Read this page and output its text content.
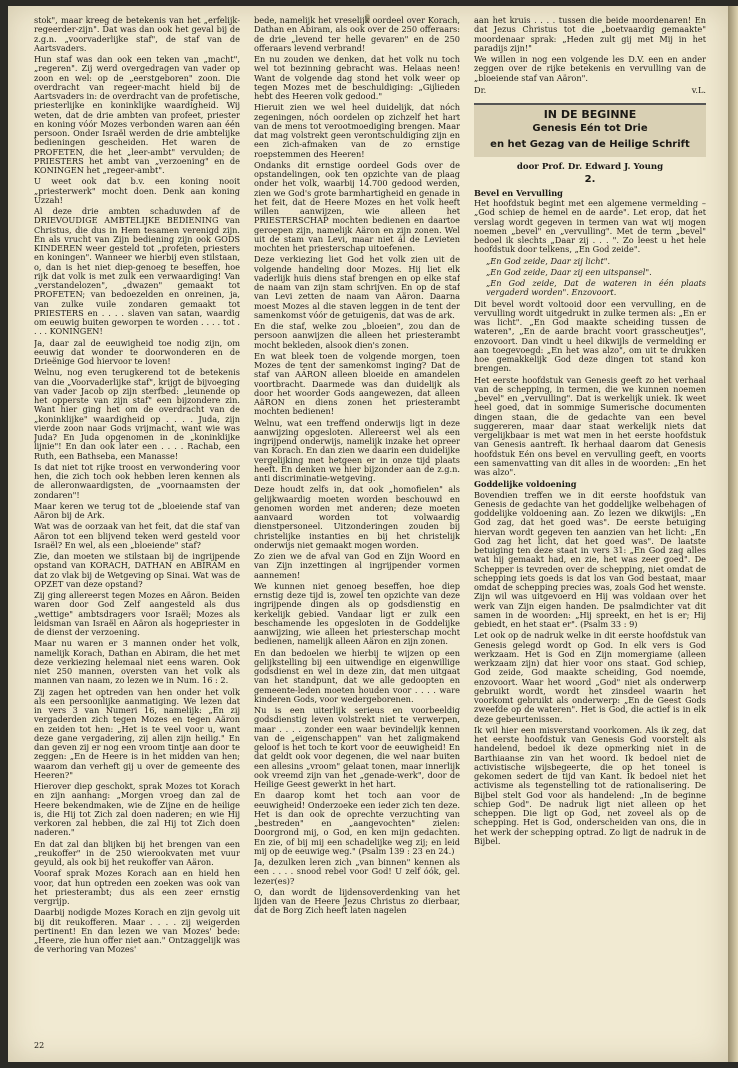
stok", maar kreeg de betekenis van het „erfelijk-regeerder-zijn". Dat was dan ook het geval bij de z.g.n. „voorvaderlijke staf", de staf van de Aartsvaders.

Hun staf was dan ook een teken van „macht", „regeren". Zij werd overgedragen van vader op zoon en wel: op de „eerstgeboren" zoon. Die overdracht van regeer-macht hield bij de Aartsvaders in: de overdracht van de profetische, priesterlijke en koninklijke waardigheid. Wij weten, dat de drie ambten van profeet, priester en koning vóór Mozes verbonden waren aan één persoon. Onder Israël werden de drie ambtelijke bedieningen gescheiden. Het waren de PROFETEN, die het „leer-ambt" vervulden; de PRIESTERS het ambt van „verzoening" en de KONINGEN het „regeer-ambt".

U weet ook dat b.v. een koning nooit „priesterwerk" mocht doen. Denk aan koning Uzzah!

Al deze drie ambten schaduwden af de DRIEVOUDIGE AMBTELIJKE BEDIENING van Christus, die dus in Hem tesamen verenigd zijn. En als vrucht van Zijn bediening zijn ook GODS KINDEREN weer gesteld tot „profeten, priesters en koningen". Wanneer we hierbij even stilstaan, o, dan is het niet diep-genoeg te beseffen, hoe rijk dat volk is met zulk een verwaardiging! Van „verstandelozen", „dwazen" gemaakt tot PROFETEN; van bedoezelden en onreinen, ja, van zulke vuile zondaren gemaakt tot PRIESTERS en . . . . slaven van satan, waardig om eeuwig buiten geworpen te worden . . . . tot . . . . KONINGEN!

Ja, daar zal de eeuwigheid toe nodig zijn, om eeuwig dat wonder te doorwonderen en de Drieënige God hiervoor te loven!

Welnu, nog even terugkerend tot de betekenis van die „Voorvaderlijke staf", krijgt de bijvoeging van vader Jacob op zijn sterfbed: „leunende op het opperste van zijn staf" een bijzondere zin. Want hier ging het om de overdracht van de „koninklijke" waardigheid op . . . . Juda, zijn vierde zoon naar Gods vrijmacht, want wie was Juda? En Juda opgenomen in de „koninklijke lijnie"! En dan ook later een . . . . Rachab, een Ruth, een Bathseba, een Manasse!

Is dat niet tot rijke troost en verwondering voor hen, die zich toch ook hebben leren kennen als de alleronwaardigsten, de „voornaamsten der zondaren"!

Maar keren we terug tot de „bloeiende staf van Aäron bij de Ark.

Wat was de oorzaak van het feit, dat die staf van Aäron tot een blijvend teken werd gesteld voor Israël? En wel, als een „bloeiende" staf?

Zie, dan moeten we stilstaan bij de ingrijpende opstand van KORACH, DATHAN en ABIRAM en dat zo vlak bij de Wetgeving op Sinai. Wat was de OPZET van deze opstand?

Zij ging allereerst tegen Mozes en Aäron. Beiden waren door God Zelf aangesteld als dus „wettige" ambtsdragers voor Israël; Mozes als leidsman van Israël en Aäron als hogepriester in de dienst der verzoening.

Maar nu waren er 3 mannen onder het volk, namelijk Korach, Dathan en Abiram, die het met deze verkiezing helemaal niet eens waren. Ook niet 250 mannen, oversten van het volk als mannen van naam, zo lezen we in Num. 16 : 2.

Zij zagen het optreden van hen onder het volk als een persoonlijke aanmatiging. We lezen dat in vers 3 van Numeri 16, namelijk: „En zij vergaderden zich tegen Mozes en tegen Aäron en zeiden tot hen: „Het is te veel voor u, want deze gane vergadering, zij allen zijn heilig." En dan geven zij er nog een vroom tintje aan door te zeggen: „En de Heere is in het midden van hen; waarom dan verheft gij u over de gemeente des Heeren?"

Hierover diep geschokt, sprak Mozes tot Korach en zijn aanhang: „Morgen vroeg dan zal de Heere bekendmaken, wie de Zijne en de heilige is, die Hij tot Zich zal doen naderen; en wie Hij verkoren zal hebben, die zal Hij tot Zich doen naderen."

En dat zal dan blijken bij het brengen van een „reukoffer" in de 250 wierookvaten met vuur geyuld, als ook bij het reukoffer van Aäron.

Vooraf sprak Mozes Korach aan en hield hen voor, dat hun optreden een zoeken was ook van het priesterambt; dus als een zeer ernstig vergrijp.

Daarbij nodigde Mozes Korach en zijn gevolg uit bij dit reukofferen. Maar . . . . zij weigerden pertinent! En dan lezen we van Mozes' bede: „Heere, zie hun offer niet aan." Ontzaggelijk was de verhoring van Mozes'

bede, namelijk het vreselijk oordeel over Korach, Dathan en Abiram, als ook over de 250 offeraars: de drie „levend ter helle gevaren" en de 250 offeraars levend verbrand!

En nu zouden we denken, dat het volk nu toch wel tot bezinning gebracht was. Helaas neen! Want de volgende dag stond het volk weer op tegen Mozes met de beschuldiging: „Gijlieden hebt des Heeren volk gedood."

Hieruit zien we wel heel duidelijk, dat nóch zegeningen, nóch oordelen op zichzelf het hart van de mens tot verootmoediging brengen. Maar dat mag volstrekt geen verontschuldiging zijn en een zich-afmaken van de zo ernstige roepstemmen des Heeren!

Ondanks dit ernstige oordeel Gods over de opstandelingen, ook ten opzichte van de plaag onder het volk, waarbij 14.700 gedood werden, zien we God's grote barmhartigheid en genade in het feit, dat de Heere Mozes en het volk heeft willen aanwijzen, wie alleen het PRIESTERSCHAP mochten bedienen en daartoe geroepen zijn, namelijk Aäron en zijn zonen. Wel uit de stam van Levi, maar niet ál de Levieten mochten het priesterschap uitoefenen.

Deze verkiezing liet God het volk zien uit de volgende handeling door Mozes. Hij liet elk vaderlijk huis diens staf brengen en op elke staf de naam van zijn stam schrijven. En op de staf van Levi zetten de naam van Aäron. Daarna moest Mozes al die staven leggen in de tent der samenkomst vóór de getuigenis, dat was de ark.

En die staf, welke zou „bloeien", zou dan de persoon aanwijzen die alleen het priesterambt mocht bekleden, alsook dien's zonen.

En wat bleek toen de volgende morgen, toen Mozes de tent der samenkomst inging? Dat de staf van AÄRON alleen bloeide en amandelen voortbracht. Daarmede was dan duidelijk als door het woorder Gods aangewezen, dat alleen AäRON en diens zonen het priesterambt mochten bedienen!

Welnu, wat een treffend onderwijs ligt in deze aanwijzing opgesloten. Allereerst wel als een ingrijpend onderwijs, namelijk inzake het opreer van Korach. En dan zien we daarin een duidelijke vergelijking met hetgeen er in onze tijd plaats heeft. En denken we hier bijzonder aan de z.g.n. anti discriminatie-wetgeving.

Deze houdt zelfs in, dat ook „homofielen" als gelijkwaardig moeten worden beschouwd en genomen worden met anderen; deze moeten aanvaard worden tot volwaardig dienstpersoneel. Uitzonderingen zouden bij christelijke instanties en bij het christelijk onderwijs niet gemaakt mogen worden.

Zo zien we de afval van God en Zijn Woord en van Zijn inzettingen al ingrijpender vormen aannemen!

We kunnen niet genoeg beseffen, hoe diep ernstig deze tijd is, zowel ten opzichte van deze ingrijpende dingen als op godsdienstig en kerkelijk gebied. Vandaar ligt er zulk een beschamende les opgesloten in de Goddelijke aanwijzing, wie alleen het priesterschap mocht bedienen, namelijk alleen Aäron en zijn zonen.

En dan bedoelen we hierbij te wijzen op een gelijkstelling bij een uitwendige en eigenwillige godsdienst en wel in deze zin, dat men uitgaat van het standpunt, dat we alle gedoopten en gemeente-leden moeten houden voor . . . . ware kinderen Gods, voor wedergeborenen.

Nu is een uiterlijk serieus en voorbeeldig godsdienstig leven volstrekt niet te verwerpen, maar . . . . zonder een waar bevindelijk kennen van de „eigenschappen" van het zaligmakend geloof is het toch te kort voor de eeuwigheid! En dat geldt ook voor degenen, die wel naar buiten een allesins „vroom" gelaat tonen, maar innerlijk ook vreemd zijn van het „genade-werk", door de Heilige Geest gewerkt in het hart.

En daarop komt het toch aan voor de eeuwigheid! Onderzoeke een ieder zich ten deze. Het is dan ook de oprechte verzuchting van „bestreden" en „aangevochten" zielen: Doorgrond mij, o God, en ken mijn gedachten. En zie, of bij mij een schadelijke weg zij; en leid mij op de eeuwige weg." (Psalm 139 : 23 en 24.)

Ja, dezulken leren zich „van binnen" kennen als een . . . . snood rebel voor God! U zelf óók, gel. lezer(es)?

O, dan wordt de lijdensoverdenking van het lijden van de Heere Jezus Christus zo dierbaar, dat de Borg Zich heeft laten nagelen

aan het kruis . . . . tussen die beide moordenaren! En dat Jezus Christus tot die „boetvaardig gemaakte" moordenaar sprak: „Heden zult gij met Mij in het paradijs zijn!"

We willen in nog een volgende les D.V. een en ander zeggen over de rijke betekenis en vervulling van de „bloeiende staf van Aäron".

Dr.	v.L.
IN DE BEGINNE
Genesis Eén tot Drie
en het Gezag van de Heilige Schrift
door Prof. Dr. Edward J. Young
2.
Bevel en Vervulling

Het hoofdstuk begint met een algemene vermelding – „God schiep de hemel en de aarde". Let erop, dat het verslag wordt gegeven in termen van wat wij mogen noemen „bevel" en „vervulling". Met de term „bevel" bedoel ik slechts „Daar zij . . . ". Zo leest u het hele hoofdstuk door telkens, „En God zeide".

„En God zeide, Daar zij licht".

„En God zeide, Daar zij een uitspansel".

„En God zeide, Dat de wateren in één plaats vergaderd worden". Enzovoort.

Dit bevel wordt voltooid door een vervulling, en de vervulling wordt uitgedrukt in zulke termen als: „En er was licht". „En God maakte scheiding tussen de wateren", „En de aarde bracht voort grasscheutjes", enzovoort. Dan vindt u heel dikwijls de vermelding er aan toegevoegd: „En het was alzo", om uit te drukken hoe gemakkelijk God deze dingen tot stand kon brengen.

Het eerste hoofdstuk van Genesis geeft zo het verhaal van de schepping, in termen, die we kunnen noemen „bevel" en „vervulling". Dat is werkelijk uniek. Ik weet heel goed, dat in sommige Sumerische documenten dingen staan, die de gedachte van een bevel suggereren, maar daar staat werkelijk niets dat vergelijkbaar is met wat men in het eerste hoofdstuk van Genesis aantreft. Ik herhaal daarom dat Genesis hoofdstuk Eén ons bevel en vervulling geeft, en voorts een samenvatting van dit alles in de woorden: „En het was alzo".

Goddelijke voldoening

Bovendien treffen we in dit eerste hoofdstuk van Genesis de gedachte van het goddelijke welbehagen of goddelijke voldoening aan. Zo lezen we dikwijls: „En God zag, dat het goed was". De eerste betuiging hiervan wordt gegeven ten aanzien van het licht: „En God zag het licht, dat het goed was". De laatste betuiging ten deze staat in vers 31: „En God zag alles wat hij gemaakt had, en zie, het was zeer goed". De Schepper is tevreden over de schepping, niet omdat de schepping iets goeds is dat los van God bestaat, maar omdat de schepping precies was, zoals God het wenste. Zijn wil was uitgevoerd en Hij was voldaan over het werk van Zijn eigen handen. De psalmdichter vat dit samen in de woorden: „Hij spreekt, en het is er; Hij gebiedt, en het staat er". (Psalm 33 : 9)

Let ook op de nadruk welke in dit eerste hoofdstuk van Genesis gelegd wordt op God. In elk vers is God werkzaam. Het is God en Zijn momergiame (alleen werkzaam zijn) dat hier voor ons staat. God schiep, God zeide, God maakte scheiding, God noemde, enzovoort. Waar het woord „God" niet als onderwerp gebruikt wordt, wordt het zinsdeel waarin het voorkomt gebruikt als onderwerp: „En de Geest Gods zweefde op de wateren". Het is God, die actief is in elk deze gebeurtenissen.

Ik wil hier een misverstand voorkomen. Als ik zeg, dat het eerste hoofdstuk van Genesis God voorstelt als handelend, bedoel ik deze opmerking niet in de Barthiaanse zin van het woord. Ik bedoel niet de activistische wijsbegeerte, die op het toneel is gekomen sedert de tijd van Kant. Ik bedoel niet het activisme als tegenstelling tot de rationalisering. De Bijbel stelt God voor als handelend: „In de beginne schiep God". De nadruk ligt niet alleen op het scheppen. Die ligt op God, net zoveel als op de schepping. Het is God, onderscheiden van ons, die in het werk der schepping optrad. Zo ligt de nadruk in de Bijbel.

22
